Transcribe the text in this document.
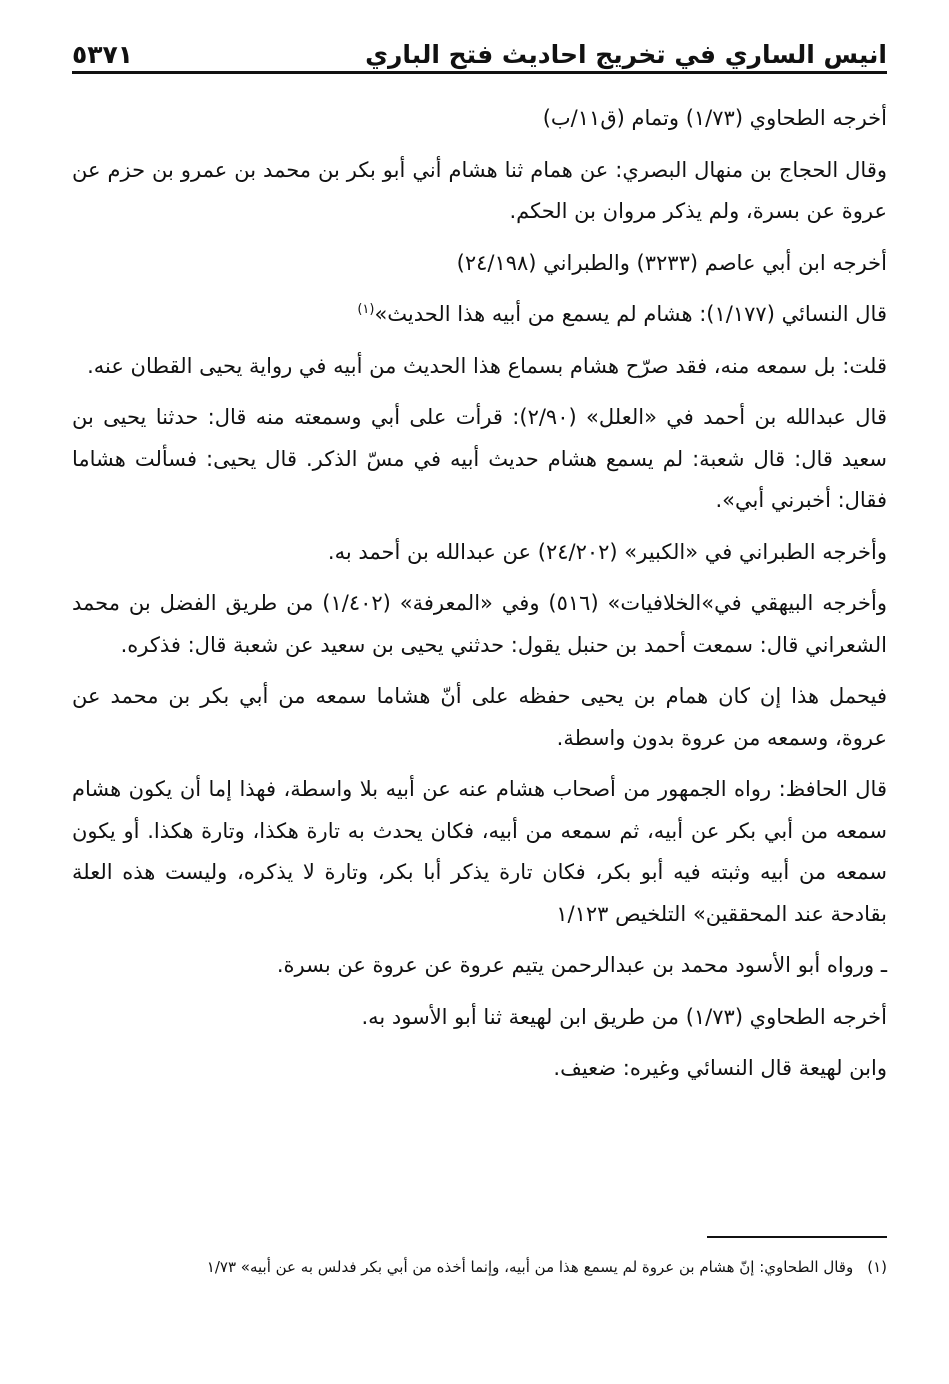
انيس الساري في تخريج احاديث فتح الباري
٥٣٧١

أخرجه الطحاوي (١/٧٣) وتمام (ق١١/ب)

وقال الحجاج بن منهال البصري: عن همام ثنا هشام أني أبو بكر بن محمد بن عمرو بن حزم عن عروة عن بسرة، ولم يذكر مروان بن الحكم.

أخرجه ابن أبي عاصم (٣٢٣٣) والطبراني (٢٤/١٩٨)

قال النسائي (١/١٧٧): هشام لم يسمع من أبيه هذا الحديث»$^{(١)}$

قلت: بل سمعه منه، فقد صرّح هشام بسماع هذا الحديث من أبيه في رواية يحيى القطان عنه.

قال عبدالله بن أحمد في «العلل» (٢/٩٠): قرأت على أبي وسمعته منه قال: حدثنا يحيى بن سعيد قال: قال شعبة: لم يسمع هشام حديث أبيه في مسّ الذكر. قال يحيى: فسألت هشاما فقال: أخبرني أبي».

وأخرجه الطبراني في «الكبير» (٢٤/٢٠٢) عن عبدالله بن أحمد به.

وأخرجه البيهقي في»الخلافيات» (٥١٦) وفي «المعرفة» (١/٤٠٢) من طريق الفضل بن محمد الشعراني قال: سمعت أحمد بن حنبل يقول: حدثني يحيى بن سعيد عن شعبة قال: فذكره.

فيحمل هذا إن كان همام بن يحيى حفظه على أنّ هشاما سمعه من أبي بكر بن محمد عن عروة، وسمعه من عروة بدون واسطة.

قال الحافظ: رواه الجمهور من أصحاب هشام عنه عن أبيه بلا واسطة، فهذا إما أن يكون هشام سمعه من أبي بكر عن أبيه، ثم سمعه من أبيه، فكان يحدث به تارة هكذا، وتارة هكذا. أو يكون سمعه من أبيه وثبته فيه أبو بكر، فكان تارة يذكر أبا بكر، وتارة لا يذكره، وليست هذه العلة بقادحة عند المحققين» التلخيص ١/١٢٣

ـ ورواه أبو الأسود محمد بن عبدالرحمن يتيم عروة عن عروة عن بسرة.

أخرجه الطحاوي (١/٧٣) من طريق ابن لهيعة ثنا أبو الأسود به.

وابن لهيعة قال النسائي وغيره: ضعيف.

(١)وقال الطحاوي: إنّ هشام بن عروة لم يسمع هذا من أبيه، وإنما أخذه من أبي بكر فدلس به عن أبيه» ١/٧٣
